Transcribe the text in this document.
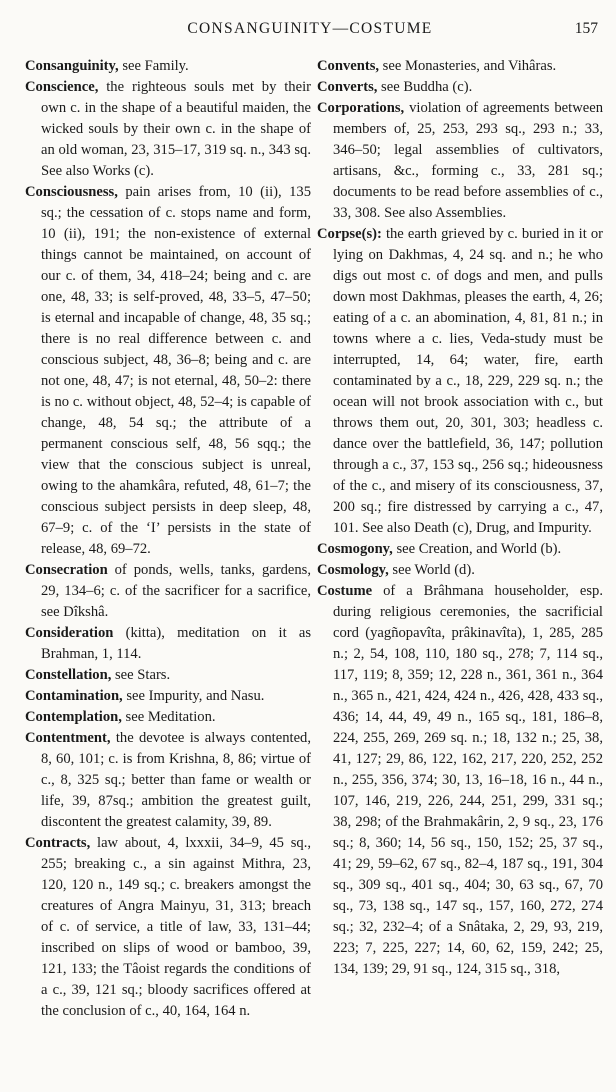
CONSANGUINITY—COSTUME	157

Consanguinity, see Family.

Conscience, the righteous souls met by their own c. in the shape of a beautiful maiden, the wicked souls by their own c. in the shape of an old woman, 23, 315–17, 319 sq. n., 343 sq. See also Works (c).

Consciousness, pain arises from, 10 (ii), 135 sq.; the cessation of c. stops name and form, 10 (ii), 191; the non-existence of external things cannot be maintained, on account of our c. of them, 34, 418–24; being and c. are one, 48, 33; is self-proved, 48, 33–5, 47–50; is eternal and incapable of change, 48, 35 sq.; there is no real difference between c. and conscious subject, 48, 36–8; being and c. are not one, 48, 47; is not eternal, 48, 50–2: there is no c. without object, 48, 52–4; is capable of change, 48, 54 sq.; the attribute of a permanent conscious self, 48, 56 sqq.; the view that the conscious subject is unreal, owing to the ahamkâra, refuted, 48, 61–7; the conscious subject persists in deep sleep, 48, 67–9; c. of the ‘I’ persists in the state of release, 48, 69–72.

Consecration of ponds, wells, tanks, gardens, 29, 134–6; c. of the sacrificer for a sacrifice, see Dîkshâ.

Consideration (kitta), meditation on it as Brahman, 1, 114.

Constellation, see Stars.

Contamination, see Impurity, and Nasu.

Contemplation, see Meditation.

Contentment, the devotee is always contented, 8, 60, 101; c. is from Krishna, 8, 86; virtue of c., 8, 325 sq.; better than fame or wealth or life, 39, 87sq.; ambition the greatest guilt, discontent the greatest calamity, 39, 89.

Contracts, law about, 4, lxxxii, 34–9, 45 sq., 255; breaking c., a sin against Mithra, 23, 120, 120 n., 149 sq.; c. breakers amongst the creatures of Angra Mainyu, 31, 313; breach of c. of service, a title of law, 33, 131–44; inscribed on slips of wood or bamboo, 39, 121, 133; the Tâoist regards the conditions of a c., 39, 121 sq.; bloody sacrifices offered at the conclusion of c., 40, 164, 164 n.

Convents, see Monasteries, and Vihâras.

Converts, see Buddha (c).

Corporations, violation of agreements between members of, 25, 253, 293 sq., 293 n.; 33, 346–50; legal assemblies of cultivators, artisans, &c., forming c., 33, 281 sq.; documents to be read before assemblies of c., 33, 308. See also Assemblies.

Corpse(s): the earth grieved by c. buried in it or lying on Dakhmas, 4, 24 sq. and n.; he who digs out most c. of dogs and men, and pulls down most Dakhmas, pleases the earth, 4, 26; eating of a c. an abomination, 4, 81, 81 n.; in towns where a c. lies, Veda-study must be interrupted, 14, 64; water, fire, earth contaminated by a c., 18, 229, 229 sq. n.; the ocean will not brook association with c., but throws them out, 20, 301, 303; headless c. dance over the battlefield, 36, 147; pollution through a c., 37, 153 sq., 256 sq.; hideousness of the c., and misery of its consciousness, 37, 200 sq.; fire distressed by carrying a c., 47, 101. See also Death (c), Drug, and Impurity.

Cosmogony, see Creation, and World (b).

Cosmology, see World (d).

Costume of a Brâhmana householder, esp. during religious ceremonies, the sacrificial cord (yagñopavîta, prâkinavîta), 1, 285, 285 n.; 2, 54, 108, 110, 180 sq., 278; 7, 114 sq., 117, 119; 8, 359; 12, 228 n., 361, 361 n., 364 n., 365 n., 421, 424, 424 n., 426, 428, 433 sq., 436; 14, 44, 49, 49 n., 165 sq., 181, 186–8, 224, 255, 269, 269 sq. n.; 18, 132 n.; 25, 38, 41, 127; 29, 86, 122, 162, 217, 220, 252, 252 n., 255, 356, 374; 30, 13, 16–18, 16 n., 44 n., 107, 146, 219, 226, 244, 251, 299, 331 sq.; 38, 298; of the Brahmakârin, 2, 9 sq., 23, 176 sq.; 8, 360; 14, 56 sq., 150, 152; 25, 37 sq., 41; 29, 59–62, 67 sq., 82–4, 187 sq., 191, 304 sq., 309 sq., 401 sq., 404; 30, 63 sq., 67, 70 sq., 73, 138 sq., 147 sq., 157, 160, 272, 274 sq.; 32, 232–4; of a Snâtaka, 2, 29, 93, 219, 223; 7, 225, 227; 14, 60, 62, 159, 242; 25, 134, 139; 29, 91 sq., 124, 315 sq., 318,
